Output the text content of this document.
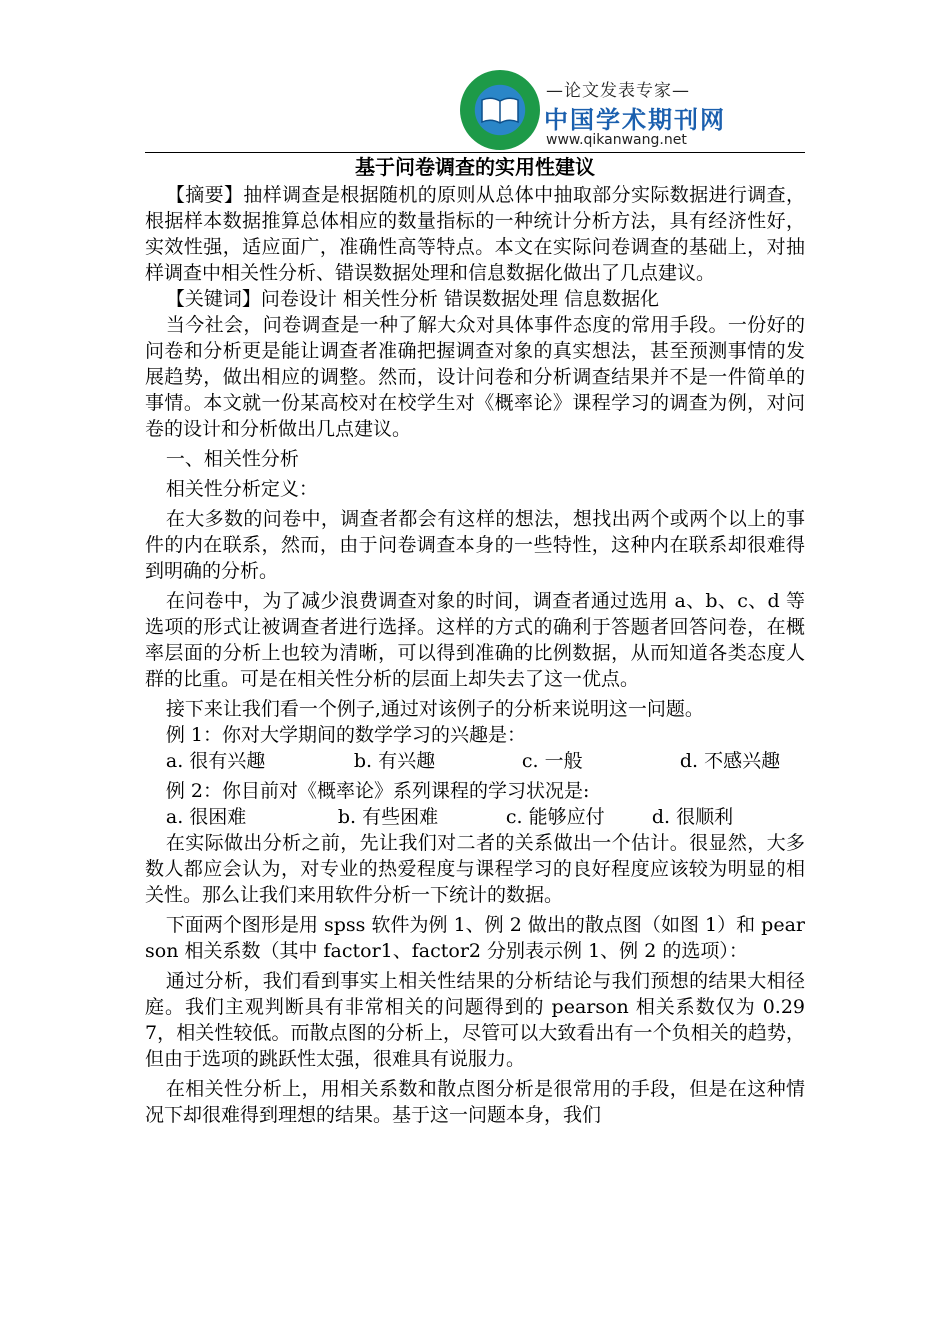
—论文发表专家—
中国学术期刊网
www.qikanwang.net
基于问卷调查的实用性建议

【摘要】抽样调查是根据随机的原则从总体中抽取部分实际数据进行调查，根据样本数据推算总体相应的数量指标的一种统计分析方法，具有经济性好，实效性强，适应面广，准确性高等特点。本文在实际问卷调查的基础上，对抽样调查中相关性分析、错误数据处理和信息数据化做出了几点建议。

【关键词】问卷设计 相关性分析 错误数据处理 信息数据化

当今社会，问卷调查是一种了解大众对具体事件态度的常用手段。一份好的问卷和分析更是能让调查者准确把握调查对象的真实想法，甚至预测事情的发展趋势，做出相应的调整。然而，设计问卷和分析调查结果并不是一件简单的事情。本文就一份某高校对在校学生对《概率论》课程学习的调查为例，对问卷的设计和分析做出几点建议。

一、相关性分析

相关性分析定义：

在大多数的问卷中，调查者都会有这样的想法，想找出两个或两个以上的事件的内在联系，然而，由于问卷调查本身的一些特性，这种内在联系却很难得到明确的分析。

在问卷中，为了减少浪费调查对象的时间，调查者通过选用 a、b、c、d 等选项的形式让被调查者进行选择。这样的方式的确利于答题者回答问卷，在概率层面的分析上也较为清晰，可以得到准确的比例数据，从而知道各类态度人群的比重。可是在相关性分析的层面上却失去了这一优点。

接下来让我们看一个例子,通过对该例子的分析来说明这一问题。

例 1：你对大学期间的数学学习的兴趣是：

a. 很有兴趣	b. 有兴趣	c. 一般	d. 不感兴趣

例 2：你目前对《概率论》系列课程的学习状况是:

a. 很困难	b. 有些困难	c. 能够应付	d. 很顺利

在实际做出分析之前，先让我们对二者的关系做出一个估计。很显然，大多数人都应会认为，对专业的热爱程度与课程学习的良好程度应该较为明显的相关性。那么让我们来用软件分析一下统计的数据。

下面两个图形是用 spss 软件为例 1、例 2 做出的散点图（如图 1）和 pearson 相关系数（其中 factor1、factor2 分别表示例 1、例 2 的选项）：

通过分析，我们看到事实上相关性结果的分析结论与我们预想的结果大相径庭。我们主观判断具有非常相关的问题得到的 pearson 相关系数仅为 0.297，相关性较低。而散点图的分析上，尽管可以大致看出有一个负相关的趋势，但由于选项的跳跃性太强，很难具有说服力。

在相关性分析上，用相关系数和散点图分析是很常用的手段，但是在这种情况下却很难得到理想的结果。基于这一问题本身，我们
